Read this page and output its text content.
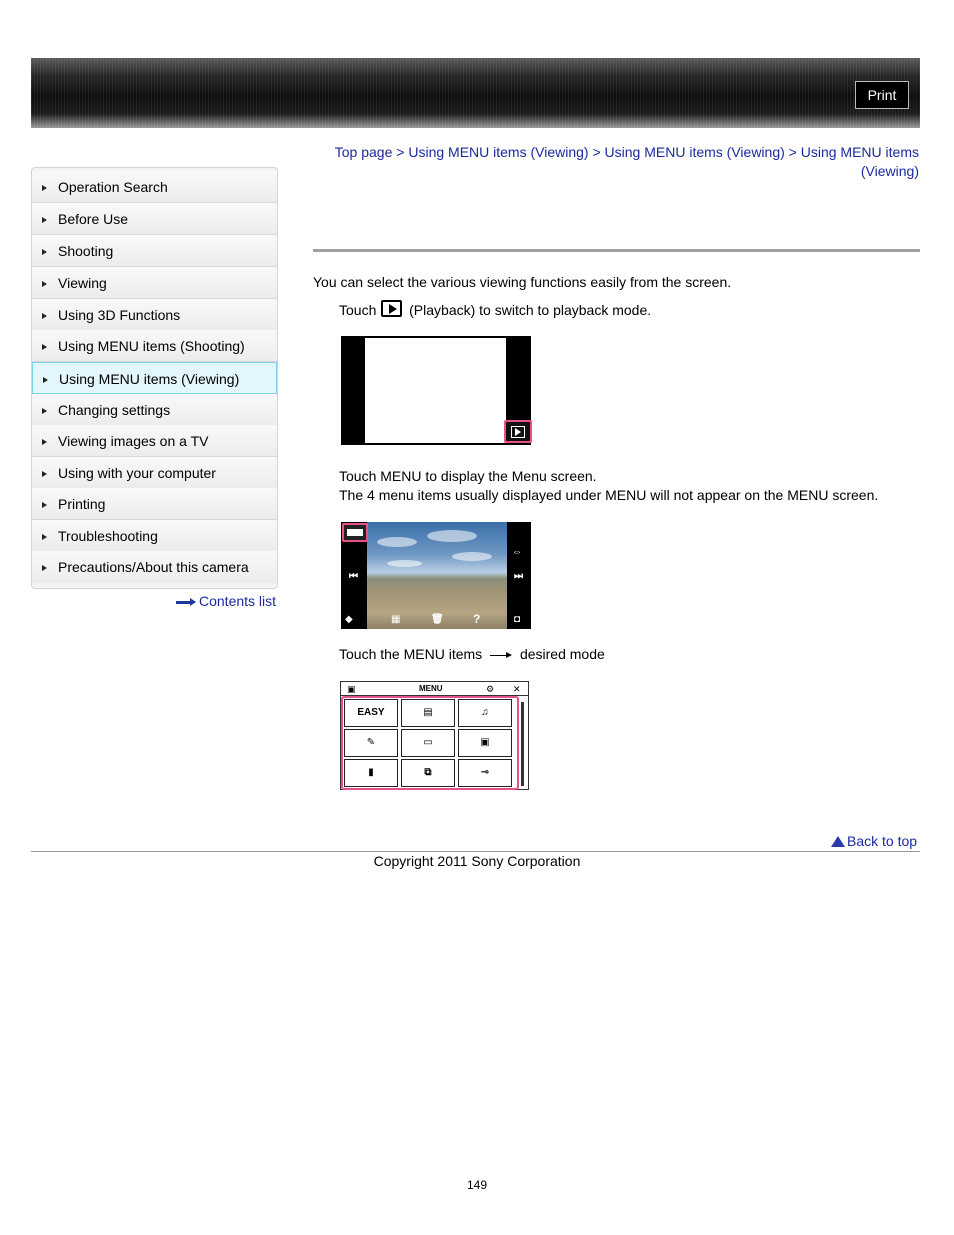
Print
Top page > Using MENU items (Viewing) > Using MENU items (Viewing) > Using MENU items
(Viewing)
Operation Search
Before Use
Shooting
Viewing
Using 3D Functions
Using MENU items (Shooting)
Using MENU items (Viewing)
Changing settings
Viewing images on a TV
Using with your computer
Printing
Troubleshooting
Precautions/About this camera
Contents list
You can select the various viewing functions easily from the screen.
Touch (Playback) to switch to playback mode.
Touch MENU to display the Menu screen.
The 4 menu items usually displayed under MENU will not appear on the MENU screen.
⇔
⏮	⏭
◆	▦	🗑 ?	◘
Touch the MENU items	desired mode
▣	MENU	⚙ ✕
EASY	▤	♫
✎	▭	▣
▮	⧉	⊸
Back to top
Copyright 2011 Sony Corporation
149
